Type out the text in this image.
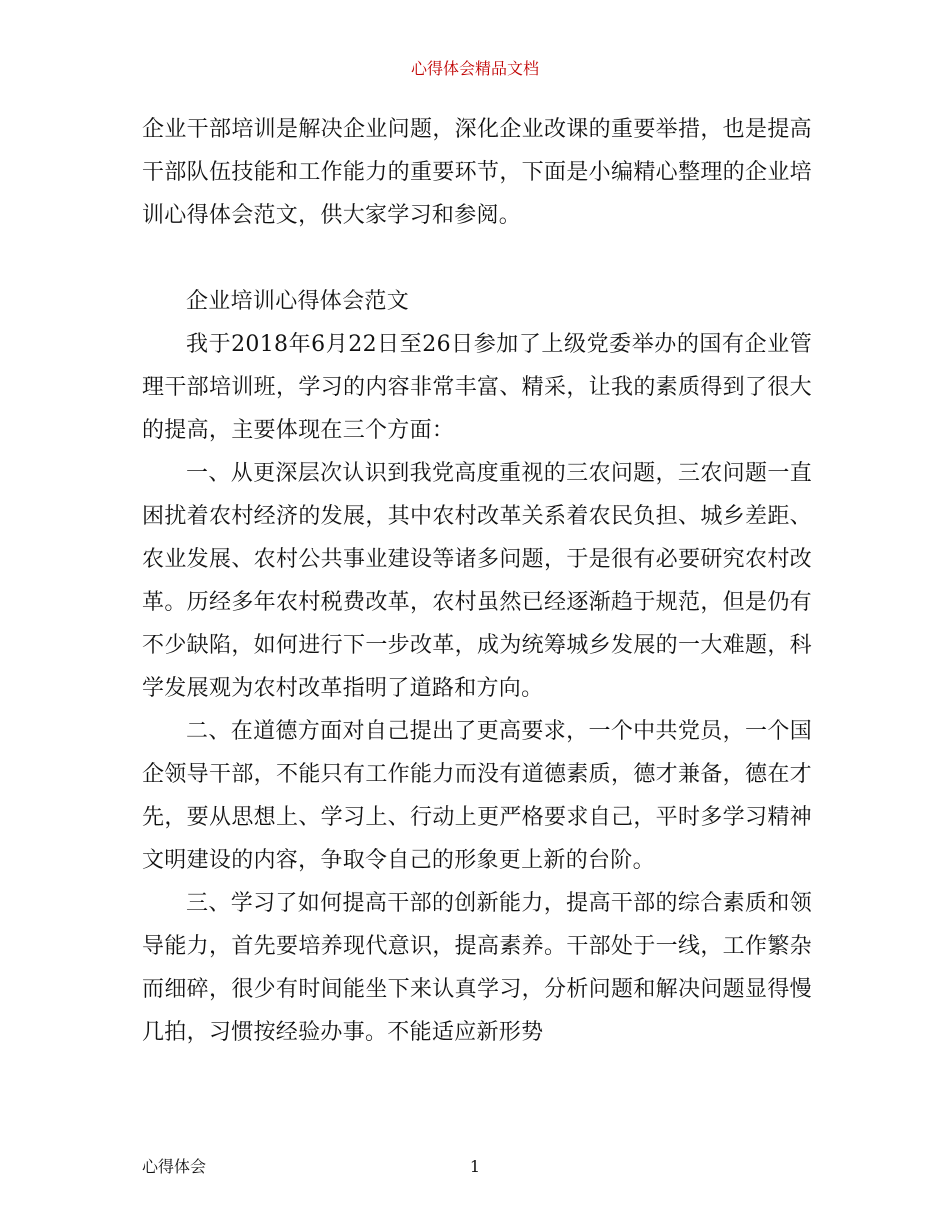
心得体会精品文档

企业干部培训是解决企业问题，深化企业改课的重要举措，也是提高干部队伍技能和工作能力的重要环节，下面是小编精心整理的企业培训心得体会范文，供大家学习和参阅。

企业培训心得体会范文

我于2018年6月22日至26日参加了上级党委举办的国有企业管理干部培训班，学习的内容非常丰富、精采，让我的素质得到了很大的提高，主要体现在三个方面：

一、从更深层次认识到我党高度重视的三农问题，三农问题一直困扰着农村经济的发展，其中农村改革关系着农民负担、城乡差距、农业发展、农村公共事业建设等诸多问题，于是很有必要研究农村改革。历经多年农村税费改革，农村虽然已经逐渐趋于规范，但是仍有不少缺陷，如何进行下一步改革，成为统筹城乡发展的一大难题，科学发展观为农村改革指明了道路和方向。

二、在道德方面对自己提出了更高要求，一个中共党员，一个国企领导干部，不能只有工作能力而没有道德素质，德才兼备，德在才先，要从思想上、学习上、行动上更严格要求自己，平时多学习精神文明建设的内容，争取令自己的形象更上新的台阶。

三、学习了如何提高干部的创新能力，提高干部的综合素质和领导能力，首先要培养现代意识，提高素养。干部处于一线，工作繁杂而细碎，很少有时间能坐下来认真学习，分析问题和解决问题显得慢几拍，习惯按经验办事。不能适应新形势

心得体会	1
